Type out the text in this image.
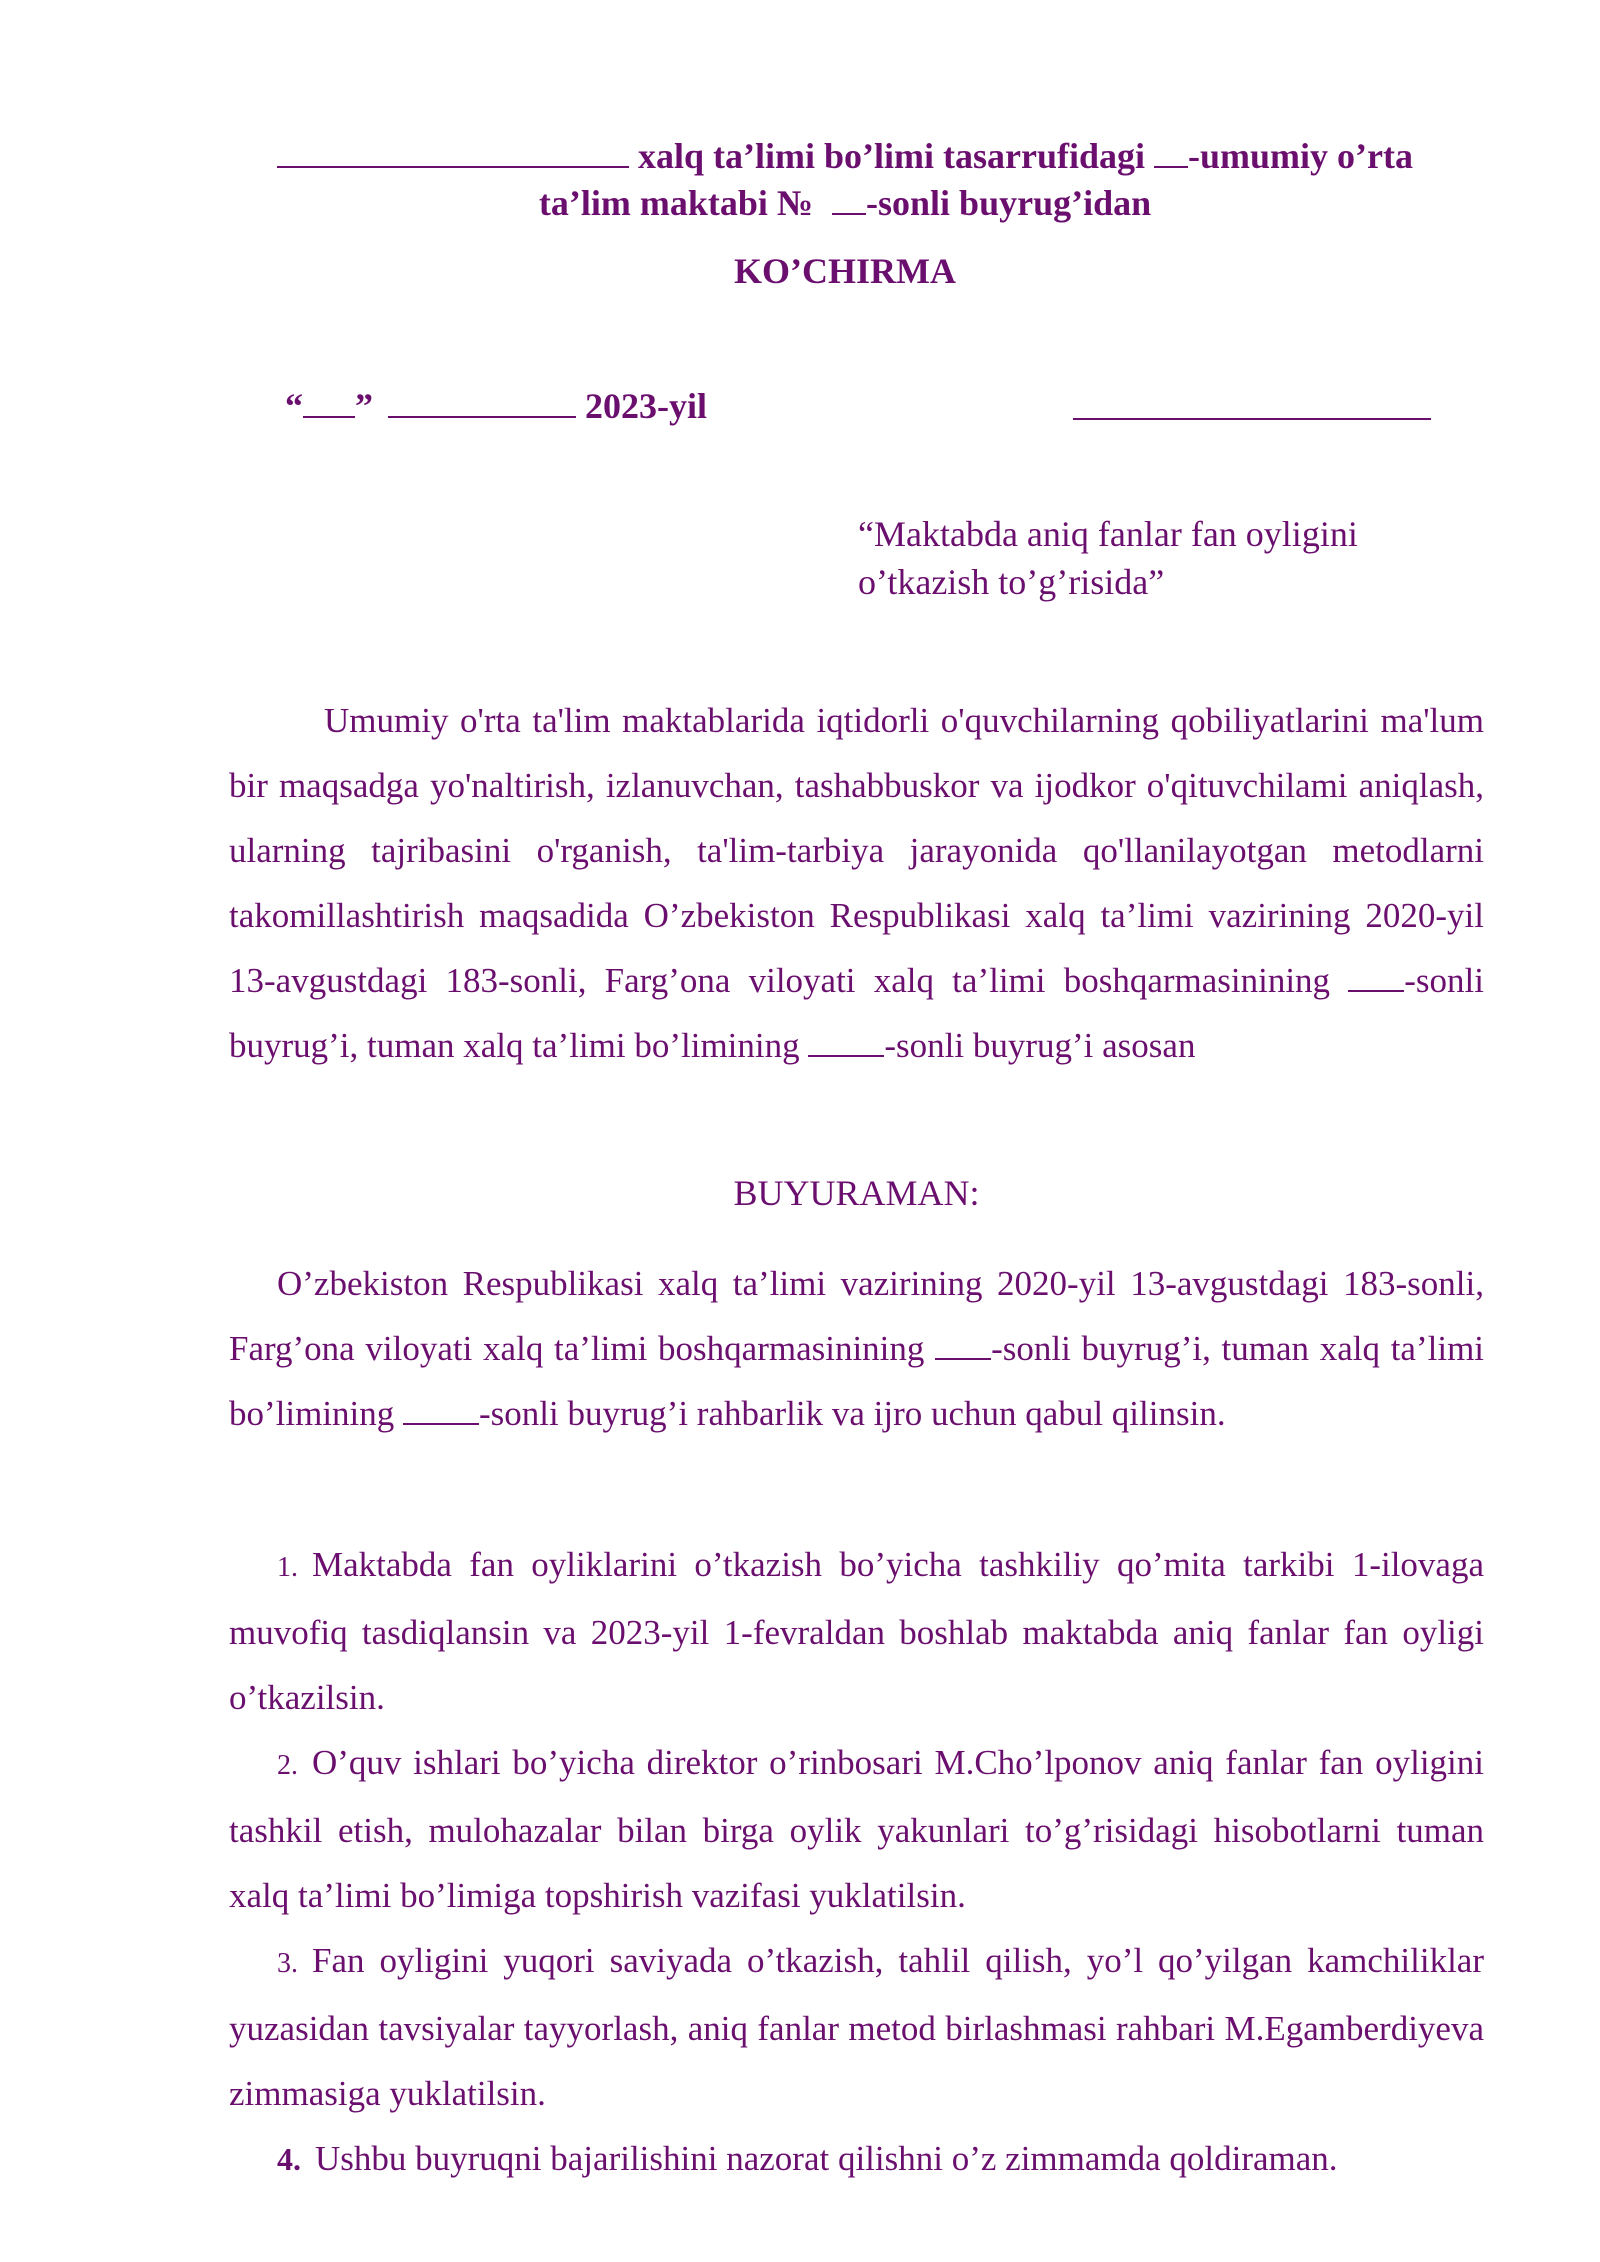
xalq ta’limi bo’limi tasarrufidagi -umumiy o’rta
ta’lim maktabi № -sonli buyrug’idan
KO’CHIRMA
“ ”	2023-yil
“Maktabda aniq fanlar fan oyligini
o’tkazish to’g’risida”

Umumiy o'rta ta'lim maktablarida iqtidorli o'quvchilarning qobiliyatlarini ma'lum bir maqsadga yo'naltirish, izlanuvchan, tashabbuskor va ijodkor o'qituvchilami aniqlash, ularning tajribasini o'rganish, ta'lim-tarbiya jarayonida qo'llanilayotgan metodlarni takomillashtirish maqsadida O’zbekiston Respublikasi xalq ta’limi vazirining 2020-yil 13-avgustdagi 183-sonli, Farg’ona viloyati xalq ta’limi boshqarmasinining -sonli buyrug’i, tuman xalq ta’limi bo’limining -sonli buyrug’i asosan

BUYURAMAN:

O’zbekiston Respublikasi xalq ta’limi vazirining 2020-yil 13-avgustdagi 183-sonli, Farg’ona viloyati xalq ta’limi boshqarmasinining -sonli buyrug’i, tuman xalq ta’limi bo’limining -sonli buyrug’i rahbarlik va ijro uchun qabul qilinsin.

1. Maktabda fan oyliklarini o’tkazish bo’yicha tashkiliy qo’mita tarkibi 1-ilovaga muvofiq tasdiqlansin va 2023-yil 1-fevraldan boshlab maktabda aniq fanlar fan oyligi o’tkazilsin.

2. O’quv ishlari bo’yicha direktor o’rinbosari M.Cho’lponov aniq fanlar fan oyligini tashkil etish, mulohazalar bilan birga oylik yakunlari to’g’risidagi hisobotlarni tuman xalq ta’limi bo’limiga topshirish vazifasi yuklatilsin.

3. Fan oyligini yuqori saviyada o’tkazish, tahlil qilish, yo’l qo’yilgan kamchiliklar yuzasidan tavsiyalar tayyorlash, aniq fanlar metod birlashmasi rahbari M.Egamberdiyeva zimmasiga yuklatilsin.

4. Ushbu buyruqni bajarilishini nazorat qilishni o’z zimmamda qoldiraman.
